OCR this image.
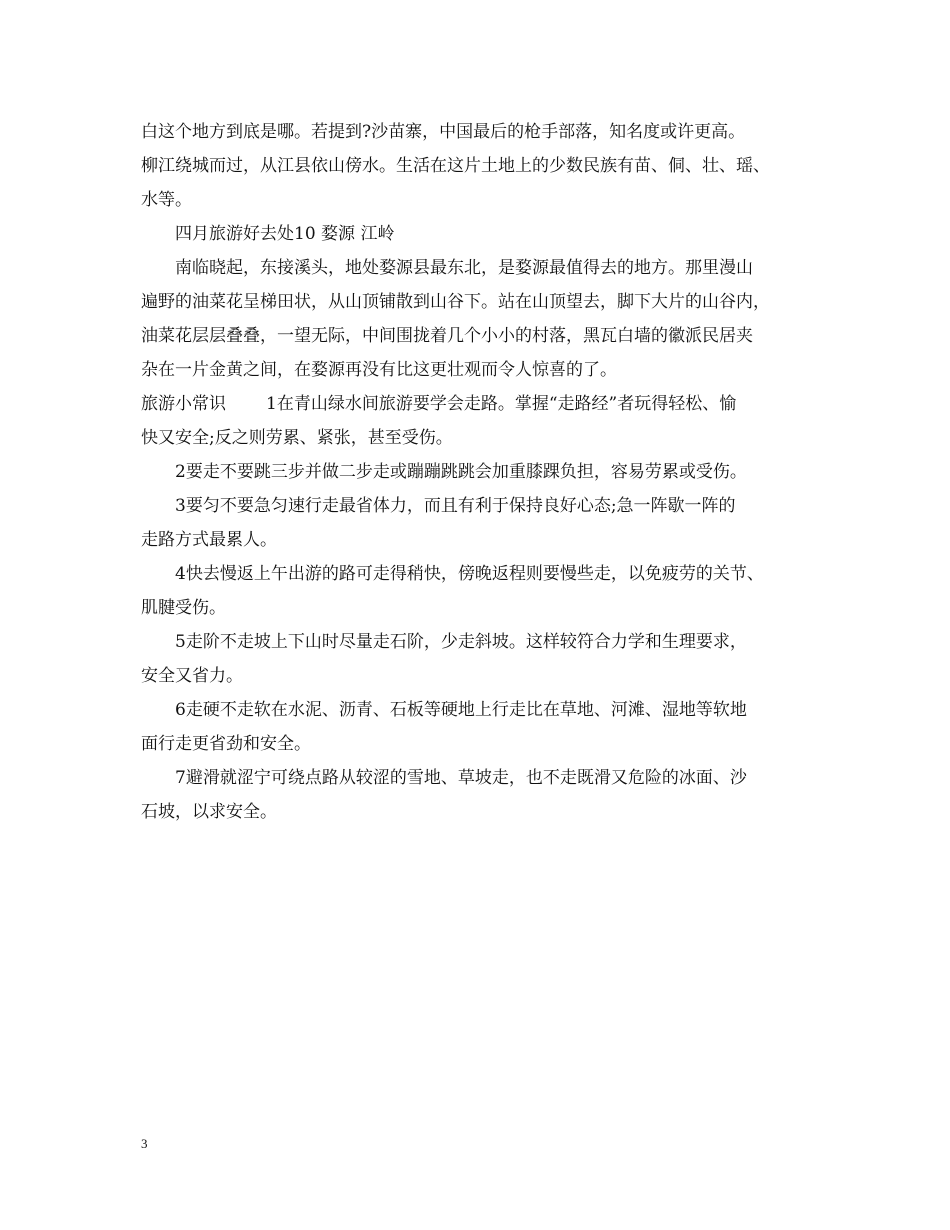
白这个地方到底是哪。若提到?沙苗寨，中国最后的枪手部落，知名度或许更高。
柳江绕城而过，从江县依山傍水。生活在这片土地上的少数民族有苗、侗、壮、瑶、
水等。
四月旅游好去处10 婺源 江岭
南临晓起，东接溪头，地处婺源县最东北，是婺源最值得去的地方。那里漫山
遍野的油菜花呈梯田状，从山顶铺散到山谷下。站在山顶望去，脚下大片的山谷内，
油菜花层层叠叠，一望无际，中间围拢着几个小小的村落，黑瓦白墙的徽派民居夹
杂在一片金黄之间，在婺源再没有比这更壮观而令人惊喜的了。
旅游小常识 1在青山绿水间旅游要学会走路。掌握“走路经”者玩得轻松、愉
快又安全;反之则劳累、紧张，甚至受伤。
2要走不要跳三步并做二步走或蹦蹦跳跳会加重膝踝负担，容易劳累或受伤。
3要匀不要急匀速行走最省体力，而且有利于保持良好心态;急一阵歇一阵的
走路方式最累人。
4快去慢返上午出游的路可走得稍快，傍晚返程则要慢些走，以免疲劳的关节、
肌腱受伤。
5走阶不走坡上下山时尽量走石阶，少走斜坡。这样较符合力学和生理要求，
安全又省力。
6走硬不走软在水泥、沥青、石板等硬地上行走比在草地、河滩、湿地等软地
面行走更省劲和安全。
7避滑就涩宁可绕点路从较涩的雪地、草坡走，也不走既滑又危险的冰面、沙
石坡，以求安全。
3
